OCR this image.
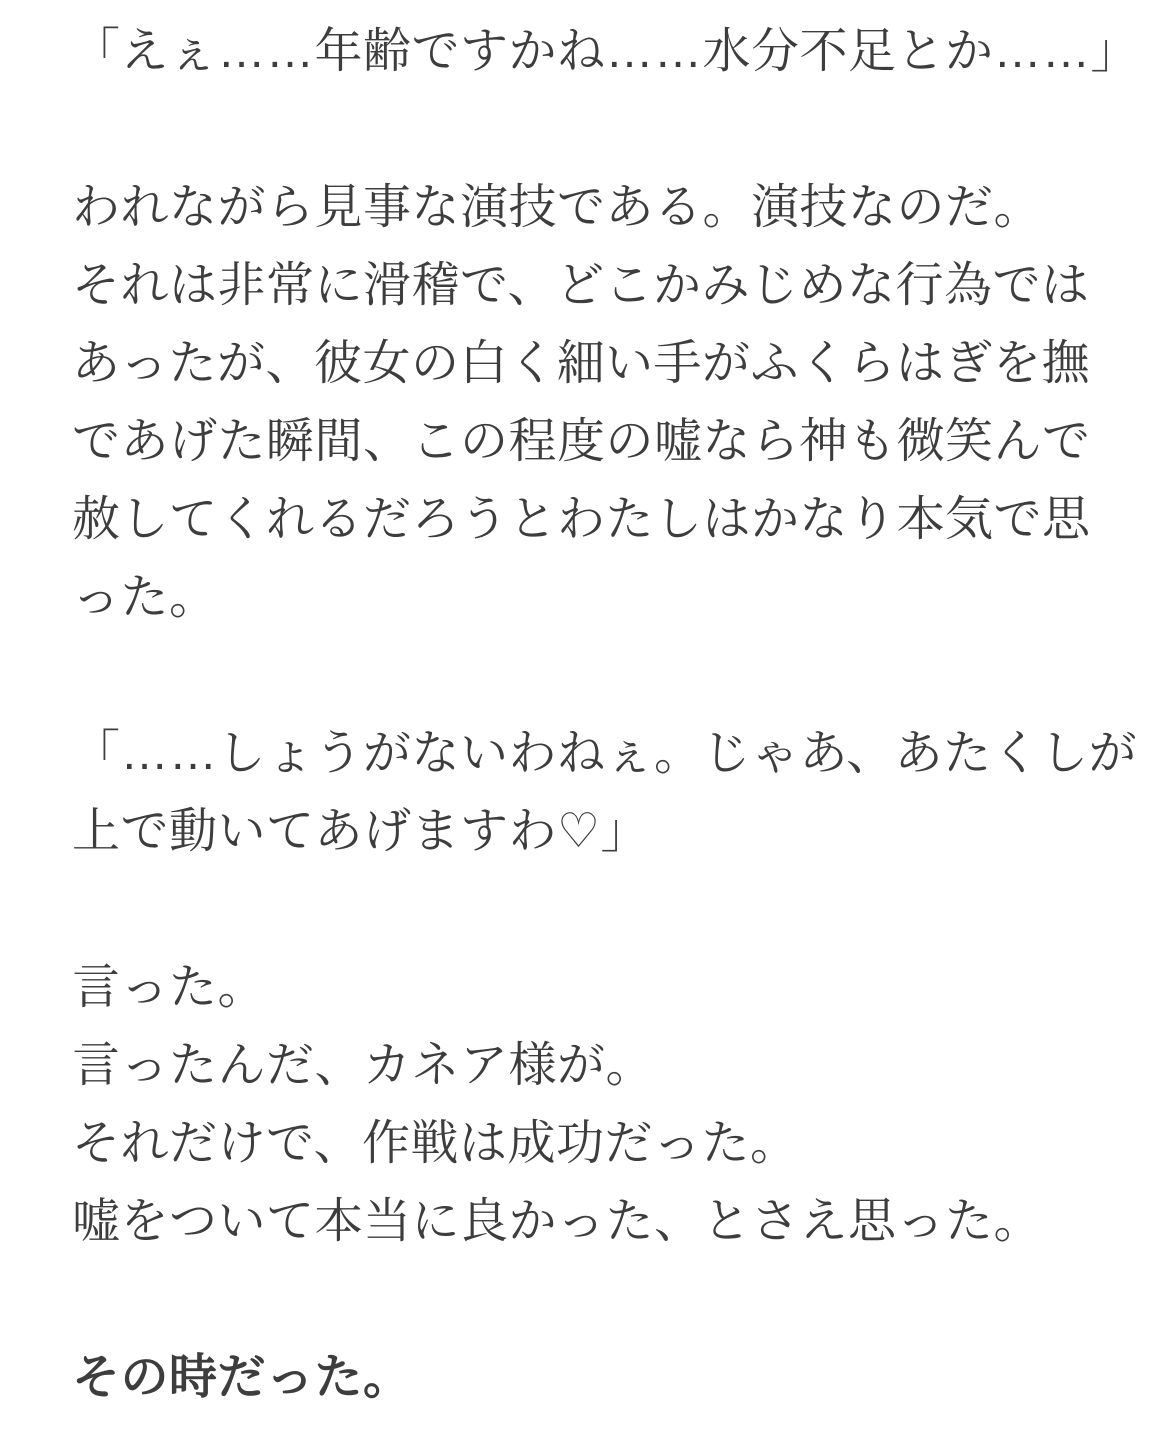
「えぇ……年齢ですかね……水分不足とか……」

われながら見事な演技である。演技なのだ。

それは非常に滑稽で、どこかみじめな行為では

あったが、彼女の白く細い手がふくらはぎを撫

であげた瞬間、この程度の嘘なら神も微笑んで

赦してくれるだろうとわたしはかなり本気で思

った。

「……しょうがないわねぇ。じゃあ、あたくしが

上で動いてあげますわ♡」

言った。

言ったんだ、カネア様が。

それだけで、作戦は成功だった。

嘘をついて本当に良かった、とさえ思った。

その時だった。
